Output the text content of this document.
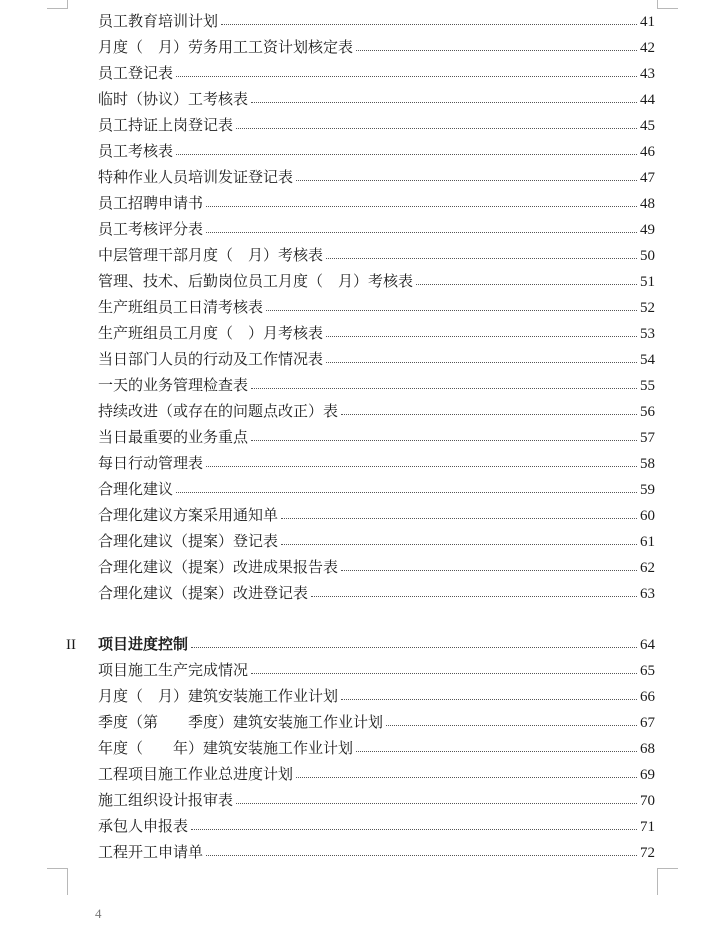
员工教育培训计划	41
月度（　月）劳务用工工资计划核定表	42
员工登记表	43
临时（协议）工考核表	44
员工持证上岗登记表	45
员工考核表	46
特种作业人员培训发证登记表	47
员工招聘申请书	48
员工考核评分表	49
中层管理干部月度（　月）考核表	50
管理、技术、后勤岗位员工月度（　月）考核表	51
生产班组员工日清考核表	52
生产班组员工月度（　）月考核表	53
当日部门人员的行动及工作情况表	54
一天的业务管理检查表	55
持续改进（或存在的问题点改正）表	56
当日最重要的业务重点	57
每日行动管理表	58
合理化建议	59
合理化建议方案采用通知单	60
合理化建议（提案）登记表	61
合理化建议（提案）改进成果报告表	62
合理化建议（提案）改进登记表	63
II	项目进度控制	64
项目施工生产完成情况	65
月度（　月）建筑安装施工作业计划	66
季度（第　　季度）建筑安装施工作业计划	67
年度（　　年）建筑安装施工作业计划	68
工程项目施工作业总进度计划	69
施工组织设计报审表	70
承包人申报表	71
工程开工申请单	72
4
